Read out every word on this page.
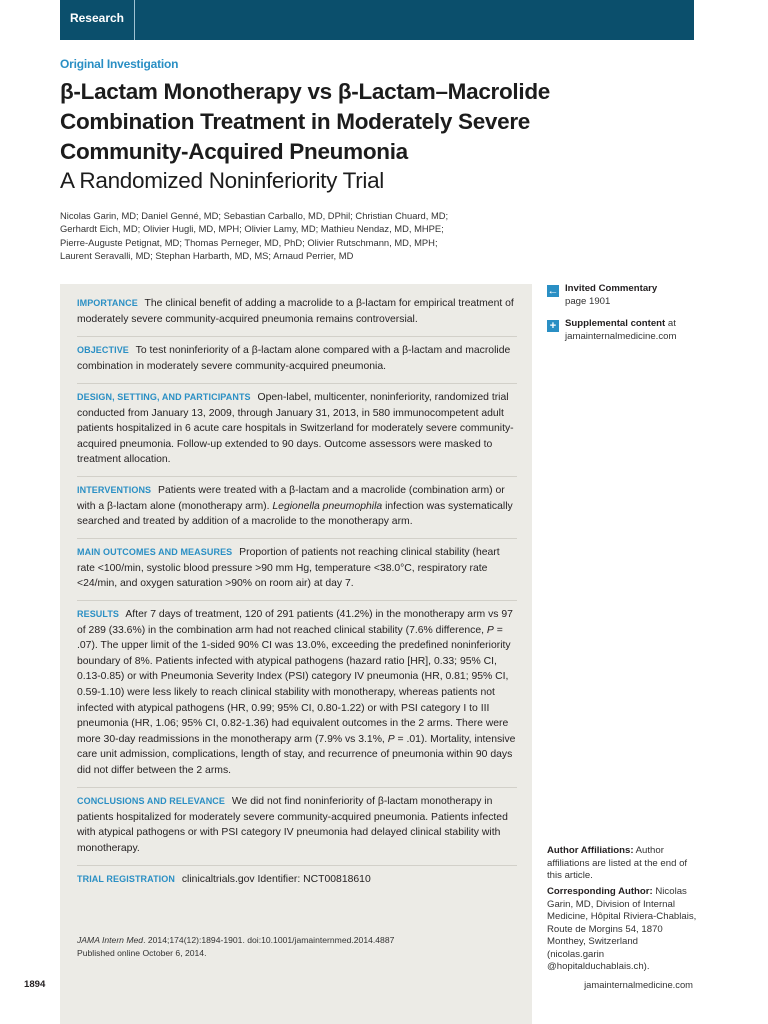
Research
Original Investigation
β-Lactam Monotherapy vs β-Lactam–Macrolide
Combination Treatment in Moderately Severe
Community-Acquired Pneumonia
A Randomized Noninferiority Trial
Nicolas Garin, MD; Daniel Genné, MD; Sebastian Carballo, MD, DPhil; Christian Chuard, MD;
Gerhardt Eich, MD; Olivier Hugli, MD, MPH; Olivier Lamy, MD; Mathieu Nendaz, MD, MHPE;
Pierre-Auguste Petignat, MD; Thomas Perneger, MD, PhD; Olivier Rutschmann, MD, MPH;
Laurent Seravalli, MD; Stephan Harbarth, MD, MS; Arnaud Perrier, MD
IMPORTANCE The clinical benefit of adding a macrolide to a β-lactam for empirical treatment of moderately severe community-acquired pneumonia remains controversial.
OBJECTIVE To test noninferiority of a β-lactam alone compared with a β-lactam and macrolide combination in moderately severe community-acquired pneumonia.
DESIGN, SETTING, AND PARTICIPANTS Open-label, multicenter, noninferiority, randomized trial conducted from January 13, 2009, through January 31, 2013, in 580 immunocompetent adult patients hospitalized in 6 acute care hospitals in Switzerland for moderately severe community-acquired pneumonia. Follow-up extended to 90 days. Outcome assessors were masked to treatment allocation.
INTERVENTIONS Patients were treated with a β-lactam and a macrolide (combination arm) or with a β-lactam alone (monotherapy arm). Legionella pneumophila infection was systematically searched and treated by addition of a macrolide to the monotherapy arm.
MAIN OUTCOMES AND MEASURES Proportion of patients not reaching clinical stability (heart rate <100/min, systolic blood pressure >90 mm Hg, temperature <38.0°C, respiratory rate <24/min, and oxygen saturation >90% on room air) at day 7.
RESULTS After 7 days of treatment, 120 of 291 patients (41.2%) in the monotherapy arm vs 97 of 289 (33.6%) in the combination arm had not reached clinical stability (7.6% difference, P = .07). The upper limit of the 1-sided 90% CI was 13.0%, exceeding the predefined noninferiority boundary of 8%. Patients infected with atypical pathogens (hazard ratio [HR], 0.33; 95% CI, 0.13-0.85) or with Pneumonia Severity Index (PSI) category IV pneumonia (HR, 0.81; 95% CI, 0.59-1.10) were less likely to reach clinical stability with monotherapy, whereas patients not infected with atypical pathogens (HR, 0.99; 95% CI, 0.80-1.22) or with PSI category I to III pneumonia (HR, 1.06; 95% CI, 0.82-1.36) had equivalent outcomes in the 2 arms. There were more 30-day readmissions in the monotherapy arm (7.9% vs 3.1%, P = .01). Mortality, intensive care unit admission, complications, length of stay, and recurrence of pneumonia within 90 days did not differ between the 2 arms.
CONCLUSIONS AND RELEVANCE We did not find noninferiority of β-lactam monotherapy in patients hospitalized for moderately severe community-acquired pneumonia. Patients infected with atypical pathogens or with PSI category IV pneumonia had delayed clinical stability with monotherapy.
TRIAL REGISTRATION clinicaltrials.gov Identifier: NCT00818610
JAMA Intern Med. 2014;174(12):1894-1901. doi:10.1001/jamainternmed.2014.4887
Published online October 6, 2014.
← Invited Commentary
page 1901
+ Supplemental content at
jamainternalmedicine.com
Author Affiliations: Author affiliations are listed at the end of this article.
Corresponding Author: Nicolas Garin, MD, Division of Internal Medicine, Hôpital Riviera-Chablais, Route de Morgins 54, 1870 Monthey, Switzerland (nicolas.garin @hopitalduchablais.ch).
1894	jamainternalmedicine.com
